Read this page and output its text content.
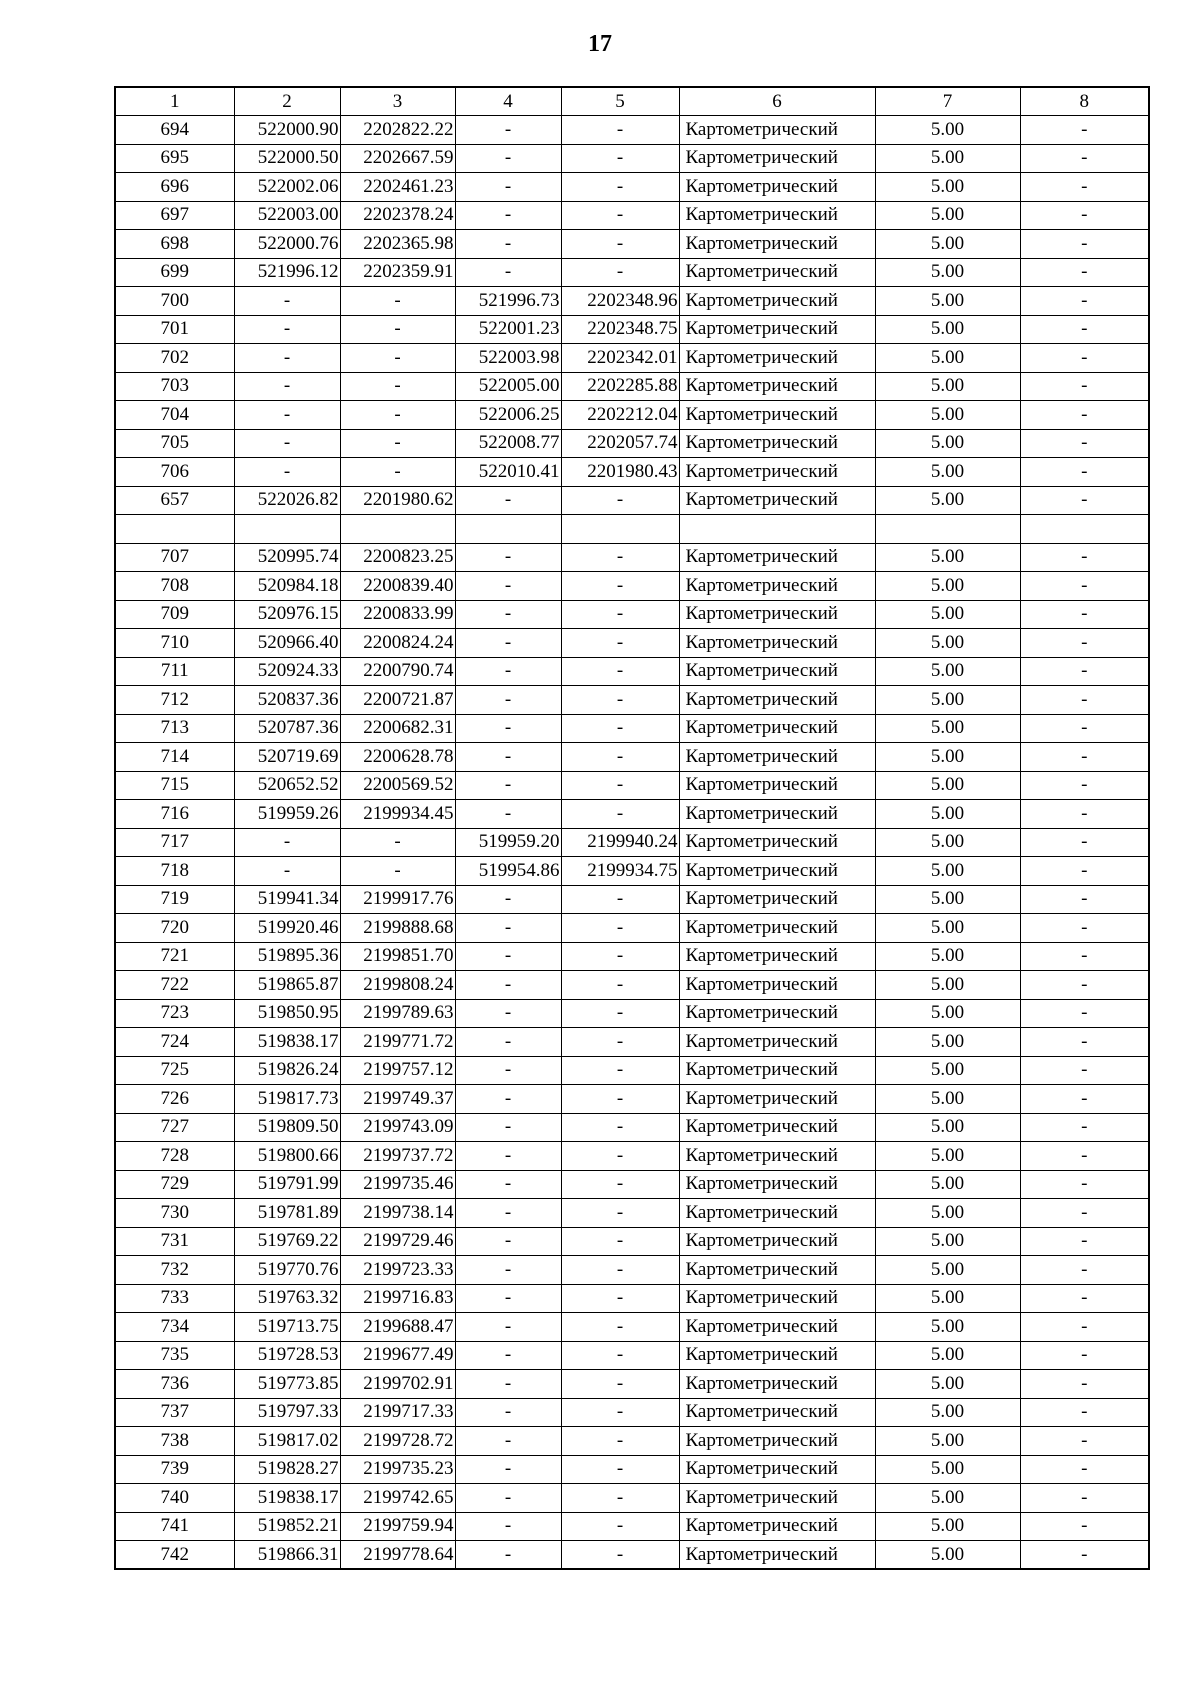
17
1	2	3	4	5	6	7	8
694	522000.90	2202822.22	-	-	Картометрический	5.00	-
695	522000.50	2202667.59	-	-	Картометрический	5.00	-
696	522002.06	2202461.23	-	-	Картометрический	5.00	-
697	522003.00	2202378.24	-	-	Картометрический	5.00	-
698	522000.76	2202365.98	-	-	Картометрический	5.00	-
699	521996.12	2202359.91	-	-	Картометрический	5.00	-
700	-	-	521996.73	2202348.96	Картометрический	5.00	-
701	-	-	522001.23	2202348.75	Картометрический	5.00	-
702	-	-	522003.98	2202342.01	Картометрический	5.00	-
703	-	-	522005.00	2202285.88	Картометрический	5.00	-
704	-	-	522006.25	2202212.04	Картометрический	5.00	-
705	-	-	522008.77	2202057.74	Картометрический	5.00	-
706	-	-	522010.41	2201980.43	Картометрический	5.00	-
657	522026.82	2201980.62	-	-	Картометрический	5.00	-

707	520995.74	2200823.25	-	-	Картометрический	5.00	-
708	520984.18	2200839.40	-	-	Картометрический	5.00	-
709	520976.15	2200833.99	-	-	Картометрический	5.00	-
710	520966.40	2200824.24	-	-	Картометрический	5.00	-
711	520924.33	2200790.74	-	-	Картометрический	5.00	-
712	520837.36	2200721.87	-	-	Картометрический	5.00	-
713	520787.36	2200682.31	-	-	Картометрический	5.00	-
714	520719.69	2200628.78	-	-	Картометрический	5.00	-
715	520652.52	2200569.52	-	-	Картометрический	5.00	-
716	519959.26	2199934.45	-	-	Картометрический	5.00	-
717	-	-	519959.20	2199940.24	Картометрический	5.00	-
718	-	-	519954.86	2199934.75	Картометрический	5.00	-
719	519941.34	2199917.76	-	-	Картометрический	5.00	-
720	519920.46	2199888.68	-	-	Картометрический	5.00	-
721	519895.36	2199851.70	-	-	Картометрический	5.00	-
722	519865.87	2199808.24	-	-	Картометрический	5.00	-
723	519850.95	2199789.63	-	-	Картометрический	5.00	-
724	519838.17	2199771.72	-	-	Картометрический	5.00	-
725	519826.24	2199757.12	-	-	Картометрический	5.00	-
726	519817.73	2199749.37	-	-	Картометрический	5.00	-
727	519809.50	2199743.09	-	-	Картометрический	5.00	-
728	519800.66	2199737.72	-	-	Картометрический	5.00	-
729	519791.99	2199735.46	-	-	Картометрический	5.00	-
730	519781.89	2199738.14	-	-	Картометрический	5.00	-
731	519769.22	2199729.46	-	-	Картометрический	5.00	-
732	519770.76	2199723.33	-	-	Картометрический	5.00	-
733	519763.32	2199716.83	-	-	Картометрический	5.00	-
734	519713.75	2199688.47	-	-	Картометрический	5.00	-
735	519728.53	2199677.49	-	-	Картометрический	5.00	-
736	519773.85	2199702.91	-	-	Картометрический	5.00	-
737	519797.33	2199717.33	-	-	Картометрический	5.00	-
738	519817.02	2199728.72	-	-	Картометрический	5.00	-
739	519828.27	2199735.23	-	-	Картометрический	5.00	-
740	519838.17	2199742.65	-	-	Картометрический	5.00	-
741	519852.21	2199759.94	-	-	Картометрический	5.00	-
742	519866.31	2199778.64	-	-	Картометрический	5.00	-
